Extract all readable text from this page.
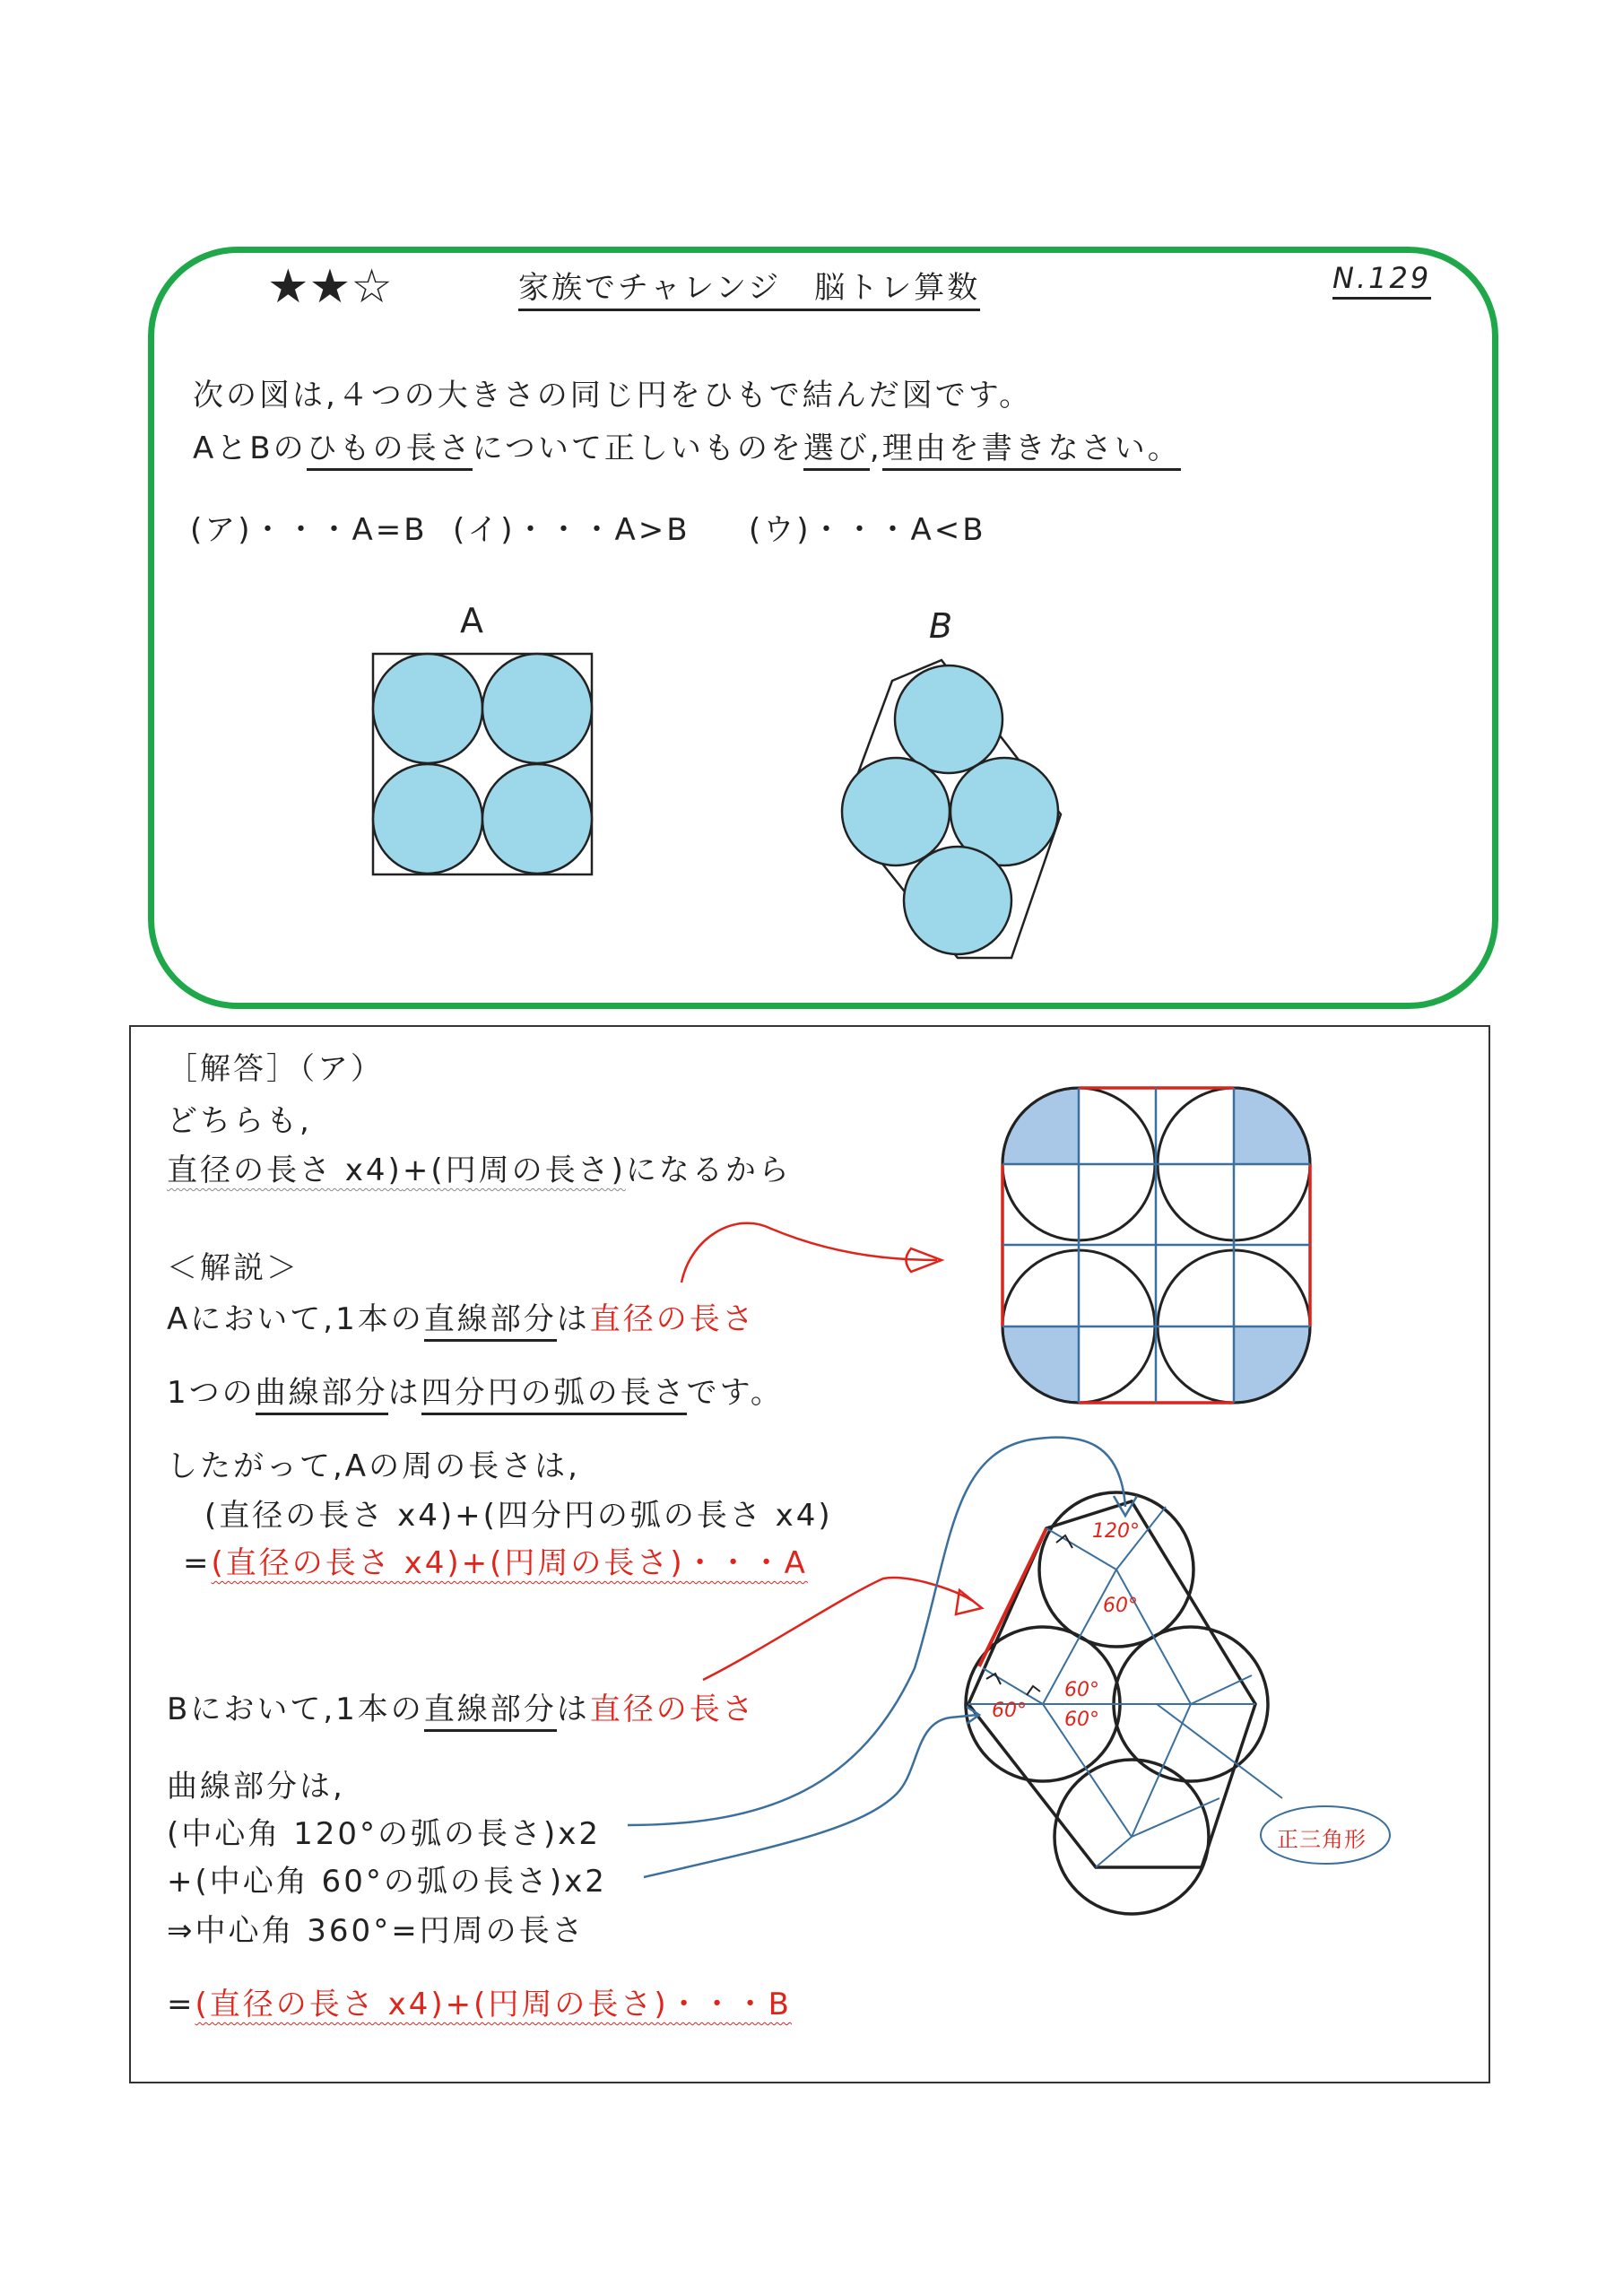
★★☆	家族でチャレンジ　脳トレ算数	N.129
次の図は,４つの大きさの同じ円をひもで結んだ図です。
AとBのひもの長さについて正しいものを選び,理由を書きなさい。
(ア)・・・A=B (イ)・・・A>B (ウ)・・・A<B
A	B
［解答］（ア）
どちらも,
直径の長さ x4)+(円周の長さ)になるから
＜解説＞
Aにおいて,1本の直線部分は直径の長さ
1つの曲線部分は四分円の弧の長さです。
したがって,Aの周の長さは,
(直径の長さ x4)+(四分円の弧の長さ x4)
=(直径の長さ x4)+(円周の長さ)・・・A
Bにおいて,1本の直線部分は直径の長さ
曲線部分は,
(中心角 120°の弧の長さ)x2
+(中心角 60°の弧の長さ)x2
⇒中心角 360°=円周の長さ
=(直径の長さ x4)+(円周の長さ)・・・B
120°
60°
60°
60°
60°
正三角形
